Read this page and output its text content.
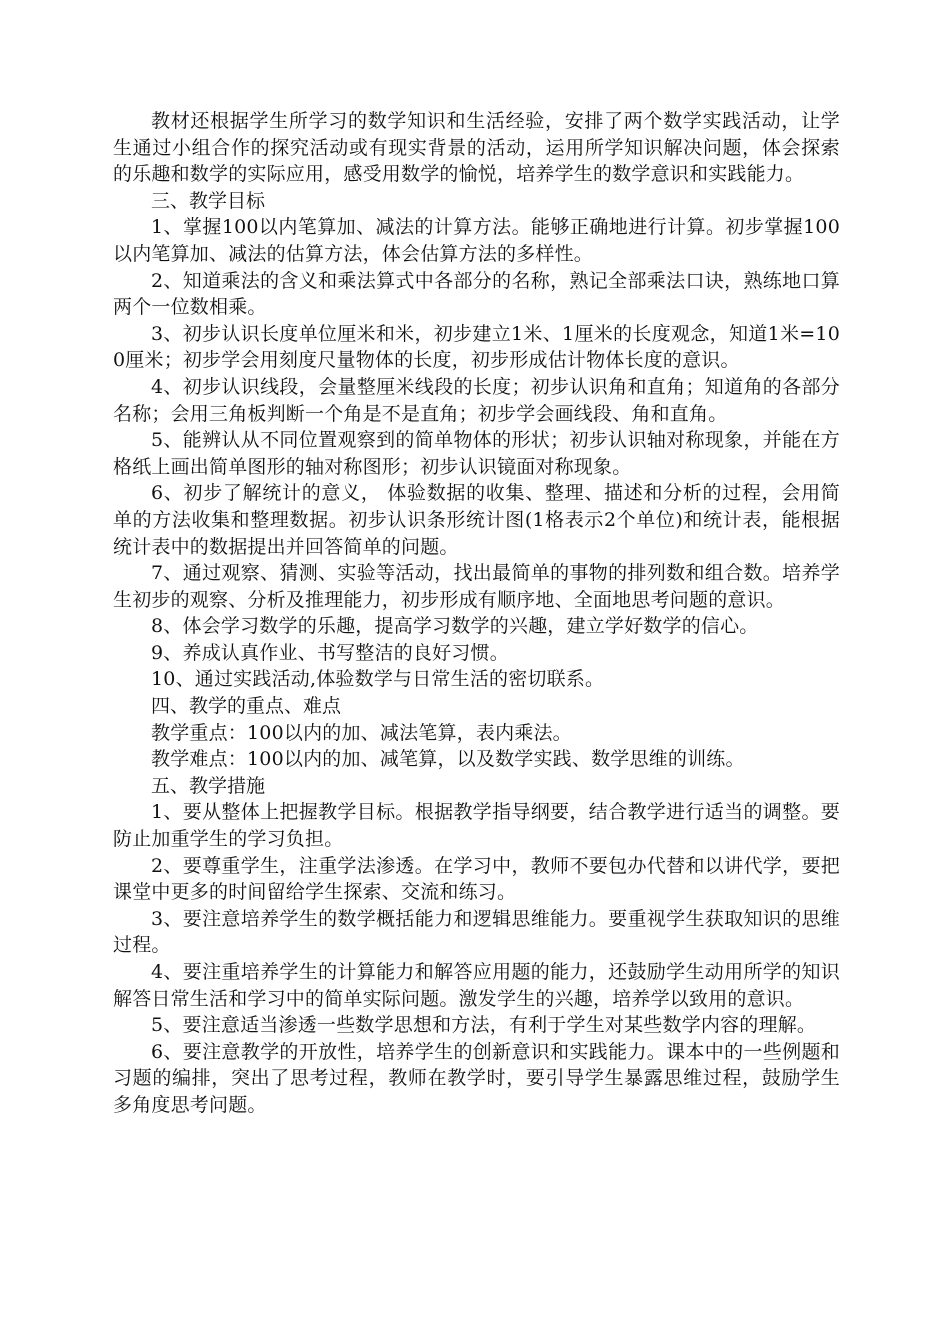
教材还根据学生所学习的数学知识和生活经验，安排了两个数学实践活动，让学生通过小组合作的探究活动或有现实背景的活动，运用所学知识解决问题，体会探索的乐趣和数学的实际应用，感受用数学的愉悦，培养学生的数学意识和实践能力。

三、教学目标

1、掌握100以内笔算加、减法的计算方法。能够正确地进行计算。初步掌握100以内笔算加、减法的估算方法，体会估算方法的多样性。

2、知道乘法的含义和乘法算式中各部分的名称，熟记全部乘法口诀，熟练地口算两个一位数相乘。

3、初步认识长度单位厘米和米，初步建立1米、1厘米的长度观念，知道1米=100厘米；初步学会用刻度尺量物体的长度，初步形成估计物体长度的意识。

4、初步认识线段，会量整厘米线段的长度；初步认识角和直角；知道角的各部分名称；会用三角板判断一个角是不是直角；初步学会画线段、角和直角。

5、能辨认从不同位置观察到的简单物体的形状；初步认识轴对称现象，并能在方格纸上画出简单图形的轴对称图形；初步认识镜面对称现象。

6、初步了解统计的意义， 体验数据的收集、整理、描述和分析的过程，会用简单的方法收集和整理数据。初步认识条形统计图(1格表示2个单位)和统计表，能根据统计表中的数据提出并回答简单的问题。

7、通过观察、猜测、实验等活动，找出最简单的事物的排列数和组合数。培养学生初步的观察、分析及推理能力，初步形成有顺序地、全面地思考问题的意识。

8、体会学习数学的乐趣，提高学习数学的兴趣，建立学好数学的信心。

9、养成认真作业、书写整洁的良好习惯。

10、通过实践活动,体验数学与日常生活的密切联系。

四、教学的重点、难点

教学重点：100以内的加、减法笔算，表内乘法。

教学难点：100以内的加、减笔算，以及数学实践、数学思维的训练。

五、教学措施

1、要从整体上把握教学目标。根据教学指导纲要，结合教学进行适当的调整。要防止加重学生的学习负担。

2、要尊重学生，注重学法渗透。在学习中，教师不要包办代替和以讲代学，要把课堂中更多的时间留给学生探索、交流和练习。

3、要注意培养学生的数学概括能力和逻辑思维能力。要重视学生获取知识的思维过程。

4、要注重培养学生的计算能力和解答应用题的能力，还鼓励学生动用所学的知识解答日常生活和学习中的简单实际问题。激发学生的兴趣，培养学以致用的意识。

5、要注意适当渗透一些数学思想和方法，有利于学生对某些数学内容的理解。

6、要注意教学的开放性，培养学生的创新意识和实践能力。课本中的一些例题和习题的编排，突出了思考过程，教师在教学时，要引导学生暴露思维过程，鼓励学生多角度思考问题。
